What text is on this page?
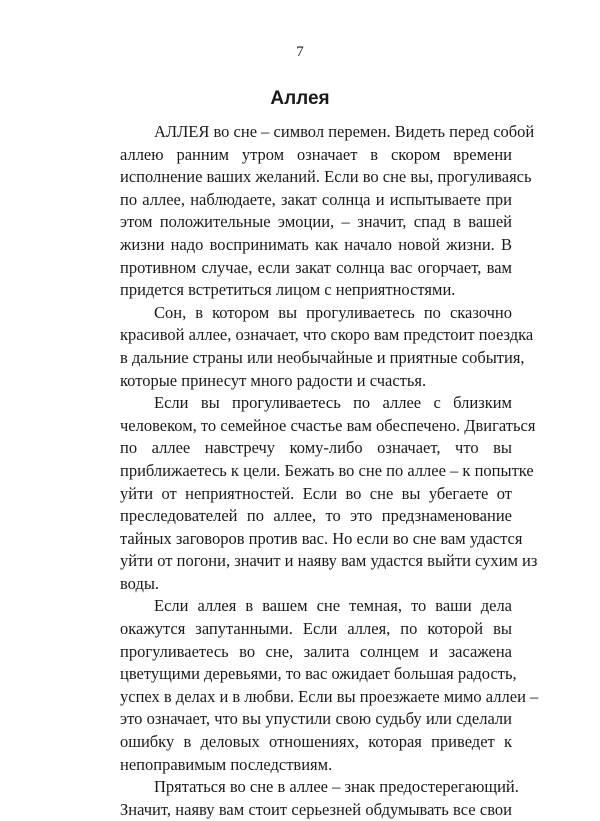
7
Аллея

АЛЛЕЯ во сне – символ перемен. Видеть перед собой
аллею ранним утром означает в скором времени
исполнение ваших желаний. Если во сне вы, прогуливаясь
по аллее, наблюдаете, закат солнца и испытываете при
этом положительные эмоции, – значит, спад в вашей
жизни надо воспринимать как начало новой жизни. В
противном случае, если закат солнца вас огорчает, вам
придется встретиться лицом с неприятностями.

Сон, в котором вы прогуливаетесь по сказочно
красивой аллее, означает, что скоро вам предстоит поездка
в дальние страны или необычайные и приятные события,
которые принесут много радости и счастья.

Если вы прогуливаетесь по аллее с близким
человеком, то семейное счастье вам обеспечено. Двигаться
по аллее навстречу кому-либо означает, что вы
приближаетесь к цели. Бежать во сне по аллее – к попытке
уйти от неприятностей. Если во сне вы убегаете от
преследователей по аллее, то это предзнаменование
тайных заговоров против вас. Но если во сне вам удастся
уйти от погони, значит и наяву вам удастся выйти сухим из
воды.

Если аллея в вашем сне темная, то ваши дела
окажутся запутанными. Если аллея, по которой вы
прогуливаетесь во сне, залита солнцем и засажена
цветущими деревьями, то вас ожидает большая радость,
успех в делах и в любви. Если вы проезжаете мимо аллеи –
это означает, что вы упустили свою судьбу или сделали
ошибку в деловых отношениях, которая приведет к
непоправимым последствиям.

Прятаться во сне в аллее – знак предостерегающий.
Значит, наяву вам стоит серьезней обдумывать все свои
